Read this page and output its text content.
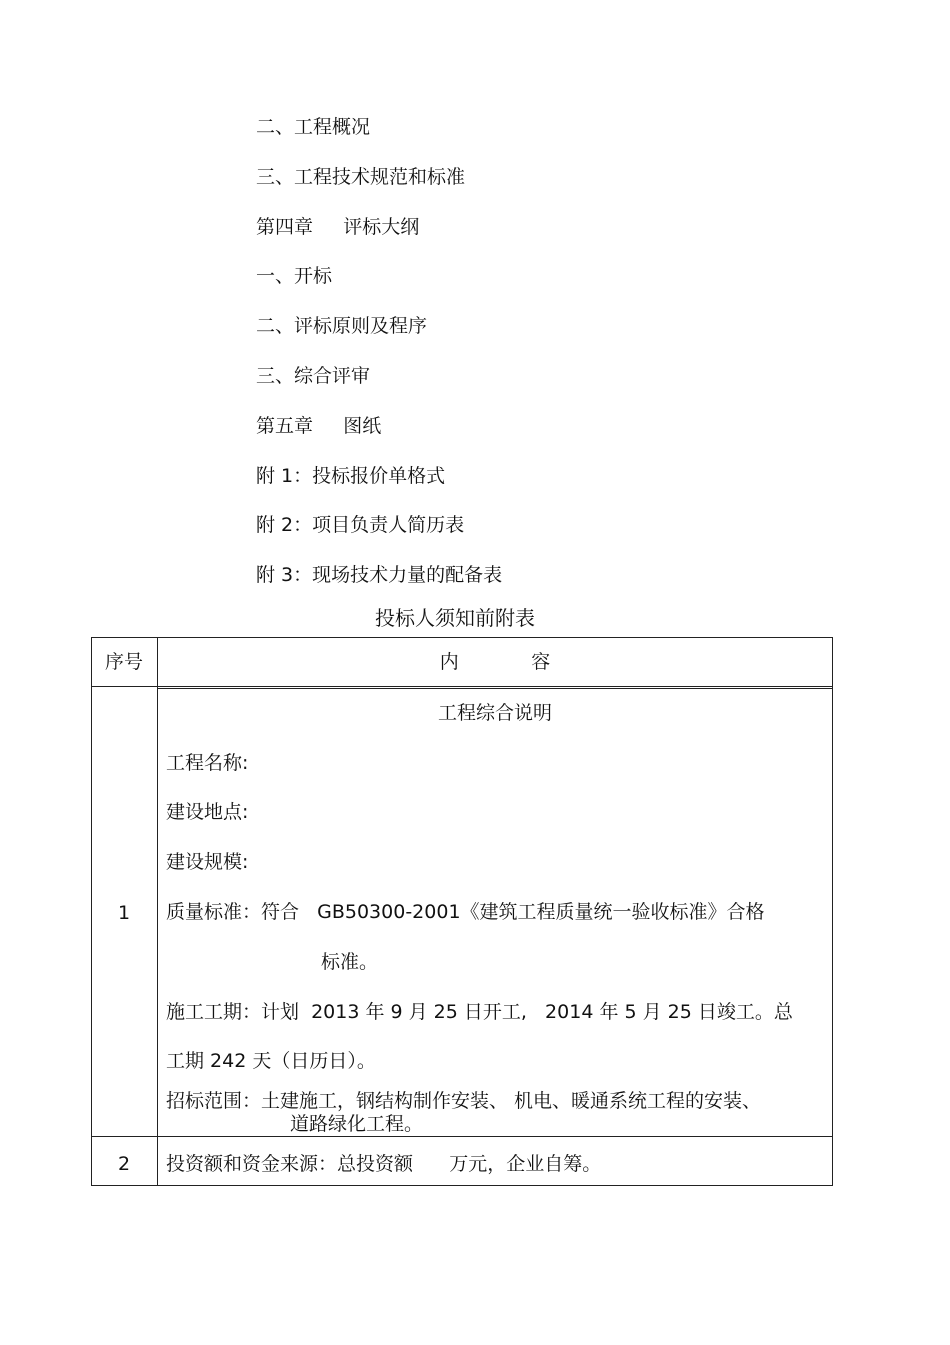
二、工程概况
三、工程技术规范和标准
第四章     评标大纲
一、开标
二、评标原则及程序
三、综合评审
第五章     图纸
附 1：投标报价单格式
附 2：项目负责人简历表
附 3：现场技术力量的配备表
投标人须知前附表
序号	内            容
1
工程综合说明
工程名称:
建设地点:
建设规模:
质量标准：符合   GB50300-2001《建筑工程质量统一验收标准》合格
标准。
施工工期：计划  2013 年 9 月 25 日开工,   2014 年 5 月 25 日竣工。总
工期 242 天（日历日）。
招标范围：土建施工，钢结构制作安装、 机电、暖通系统工程的安装、
道路绿化工程。
2	投资额和资金来源：总投资额      万元，企业自筹。
